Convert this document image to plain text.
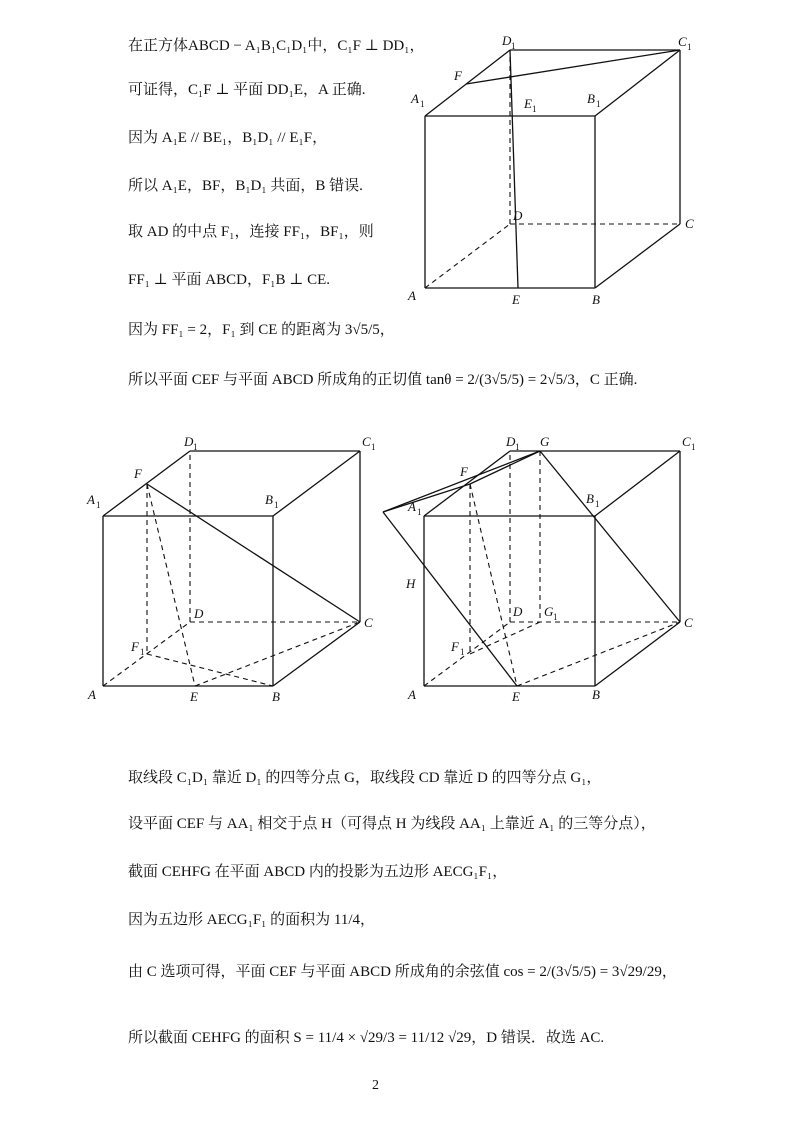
在正方体ABCD − A₁B₁C₁D₁中，C₁F ⊥ DD₁，
可证得，C₁F ⊥ 平面 DD₁E，A 正确.
因为 A₁E // BE₁，B₁D₁ // E₁F，
所以 A₁E，BF，B₁D₁ 共面，B 错误.
取 AD 的中点 F₁，连接 FF₁，BF₁，则
FF₁ ⊥ 平面 ABCD，F₁B ⊥ CE.
因为 FF₁ = 2，F₁ 到 CE 的距离为 3√5/5，
所以平面 CEF 与平面 ABCD 所成角的正切值 tanθ = 2/(3√5/5) = 2√5/3，C 正确.
A 1	B 1
C 1
D 1
E 1
F
D
C
A	E	B
A 1	B 1
C 1
D 1
F
D
C
F 1
A	E	B
A 1
B 1
C 1
D 1 G
F
H
D G 1	C
F 1
A	E	B
取线段 C₁D₁ 靠近 D₁ 的四等分点 G，取线段 CD 靠近 D 的四等分点 G₁，
设平面 CEF 与 AA₁ 相交于点 H（可得点 H 为线段 AA₁ 上靠近 A₁ 的三等分点），
截面 CEHFG 在平面 ABCD 内的投影为五边形 AECG₁F₁，
因为五边形 AECG₁F₁ 的面积为 11/4，
由 C 选项可得，平面 CEF 与平面 ABCD 所成角的余弦值 cos = 2/(3√5/5) = 3√29/29，
所以截面 CEHFG 的面积 S = 11/4 × √29/3 = 11/12 √29，D 错误．故选 AC.
2
